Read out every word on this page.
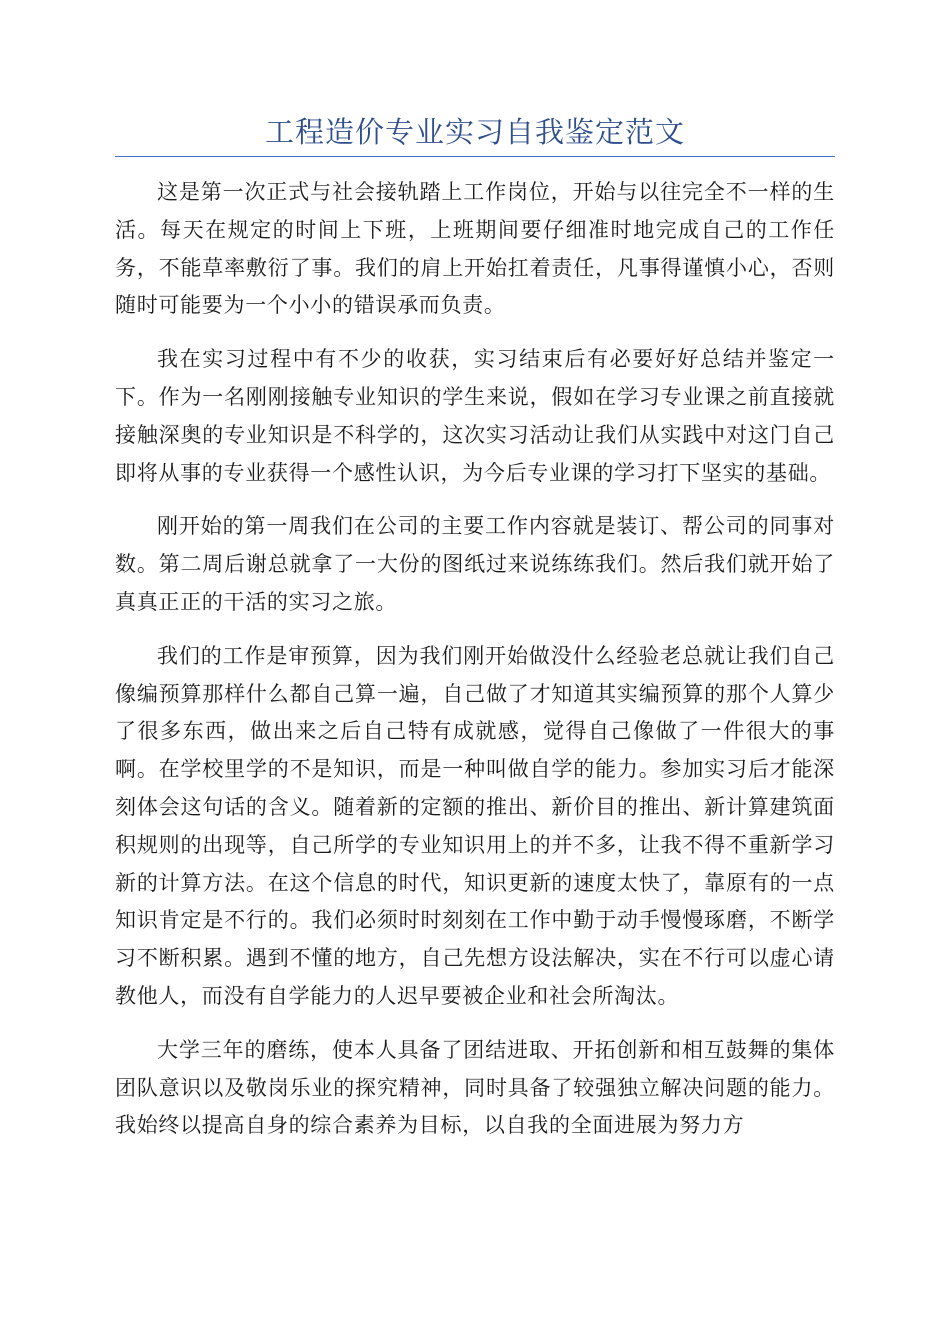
工程造价专业实习自我鉴定范文

这是第一次正式与社会接轨踏上工作岗位，开始与以往完全不一样的生活。每天在规定的时间上下班，上班期间要仔细准时地完成自己的工作任务，不能草率敷衍了事。我们的肩上开始扛着责任，凡事得谨慎小心，否则随时可能要为一个小小的错误承而负责。

我在实习过程中有不少的收获，实习结束后有必要好好总结并鉴定一下。作为一名刚刚接触专业知识的学生来说，假如在学习专业课之前直接就接触深奥的专业知识是不科学的，这次实习活动让我们从实践中对这门自己即将从事的专业获得一个感性认识，为今后专业课的学习打下坚实的基础。

刚开始的第一周我们在公司的主要工作内容就是装订、帮公司的同事对数。第二周后谢总就拿了一大份的图纸过来说练练我们。然后我们就开始了真真正正的干活的实习之旅。

我们的工作是审预算，因为我们刚开始做没什么经验老总就让我们自己像编预算那样什么都自己算一遍，自己做了才知道其实编预算的那个人算少了很多东西，做出来之后自己特有成就感，觉得自己像做了一件很大的事啊。在学校里学的不是知识，而是一种叫做自学的能力。参加实习后才能深刻体会这句话的含义。随着新的定额的推出、新价目的推出、新计算建筑面积规则的出现等，自己所学的专业知识用上的并不多，让我不得不重新学习新的计算方法。在这个信息的时代，知识更新的速度太快了，靠原有的一点知识肯定是不行的。我们必须时时刻刻在工作中勤于动手慢慢琢磨，不断学习不断积累。遇到不懂的地方，自己先想方设法解决，实在不行可以虚心请教他人，而没有自学能力的人迟早要被企业和社会所淘汰。

大学三年的磨练，使本人具备了团结进取、开拓创新和相互鼓舞的集体团队意识以及敬岗乐业的探究精神，同时具备了较强独立解决问题的能力。我始终以提高自身的综合素养为目标，以自我的全面进展为努力方
